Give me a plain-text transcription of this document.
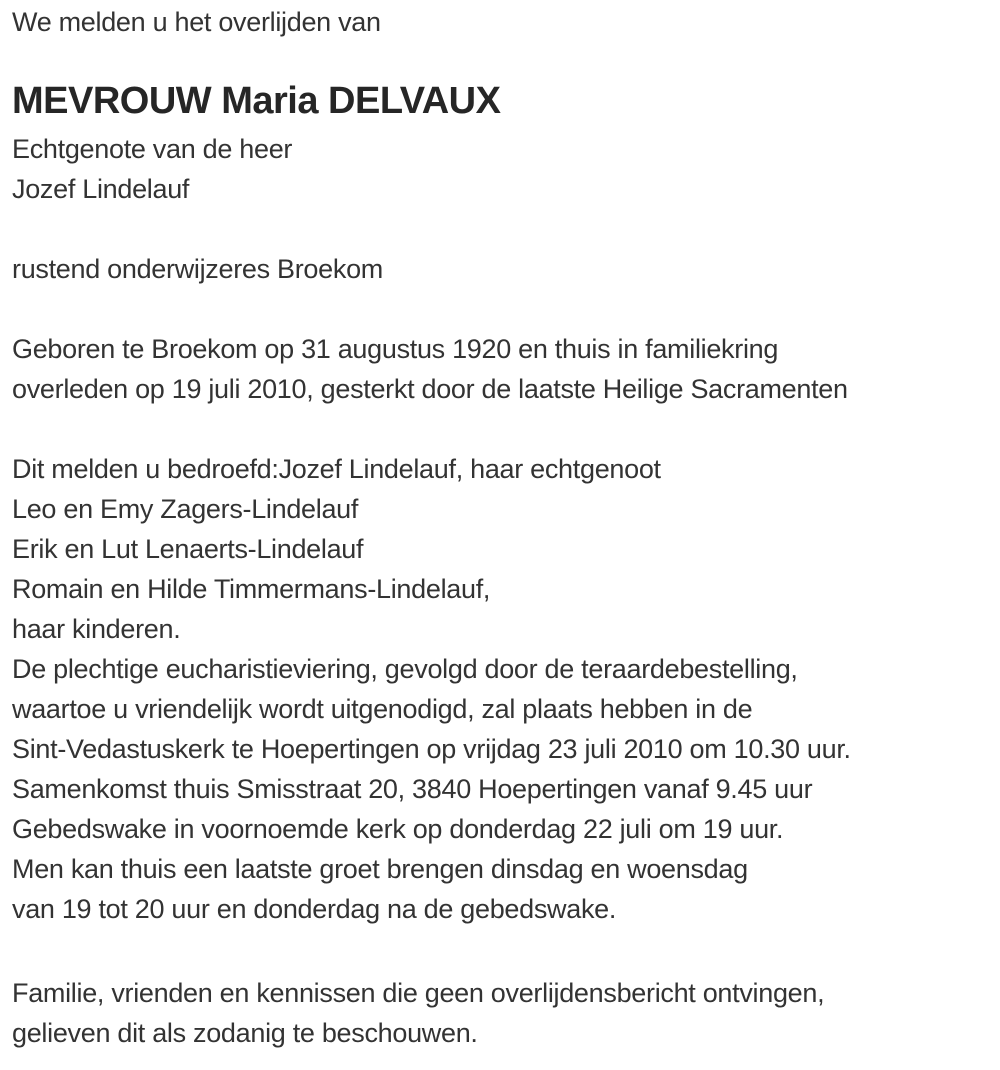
We melden u het overlijden van
MEVROUW Maria DELVAUX
Echtgenote van de heer
Jozef Lindelauf
rustend onderwijzeres Broekom
Geboren te Broekom op 31 augustus 1920 en thuis in familiekring
overleden op 19 juli 2010, gesterkt door de laatste Heilige Sacramenten
Dit melden u bedroefd:Jozef Lindelauf, haar echtgenoot
Leo en Emy Zagers-Lindelauf
Erik en Lut Lenaerts-Lindelauf
Romain en Hilde Timmermans-Lindelauf,
haar kinderen.
De plechtige eucharistieviering, gevolgd door de teraardebestelling,
waartoe u vriendelijk wordt uitgenodigd, zal plaats hebben in de
Sint-Vedastuskerk te Hoepertingen op vrijdag 23 juli 2010 om 10.30 uur.
Samenkomst thuis Smisstraat 20, 3840 Hoepertingen vanaf 9.45 uur
Gebedswake in voornoemde kerk op donderdag 22 juli om 19 uur.
Men kan thuis een laatste groet brengen dinsdag en woensdag
van 19 tot 20 uur en donderdag na de gebedswake.
Familie, vrienden en kennissen die geen overlijdensbericht ontvingen,
gelieven dit als zodanig te beschouwen.
